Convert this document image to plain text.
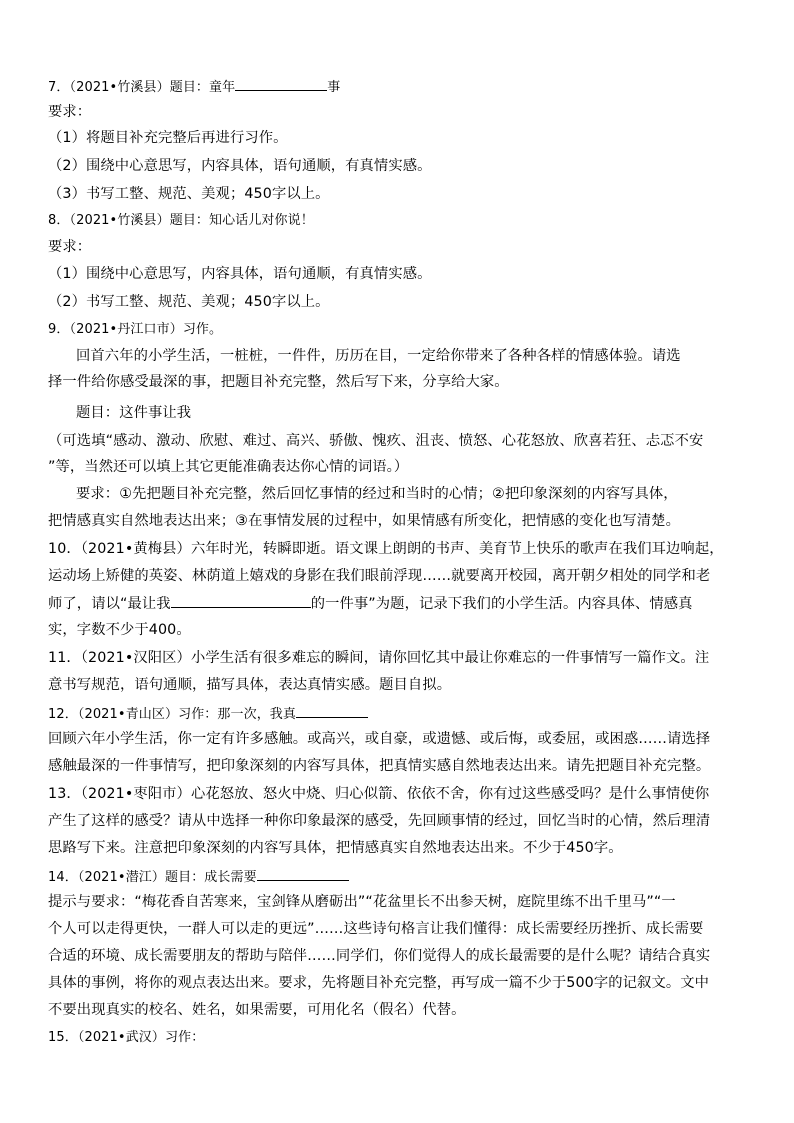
7．（2021•竹溪县）题目：童年	事
要求：
（1）将题目补充完整后再进行习作。
（2）围绕中心意思写，内容具体，语句通顺，有真情实感。
（3）书写工整、规范、美观；450字以上。
8．（2021•竹溪县）题目：知心话儿对你说！
要求：
（1）围绕中心意思写，内容具体，语句通顺，有真情实感。
（2）书写工整、规范、美观；450字以上。
9．（2021•丹江口市）习作。
回首六年的小学生活，一桩桩，一件件，历历在目，一定给你带来了各种各样的情感体验。请选
择一件给你感受最深的事，把题目补充完整，然后写下来，分享给大家。
题目：这件事让我
（可选填“感动、激动、欣慰、难过、高兴、骄傲、愧疚、沮丧、愤怒、心花怒放、欣喜若狂、忐忑不安
”等，当然还可以填上其它更能准确表达你心情的词语。）
要求：①先把题目补充完整，然后回忆事情的经过和当时的心情；②把印象深刻的内容写具体，
把情感真实自然地表达出来；③在事情发展的过程中，如果情感有所变化，把情感的变化也写清楚。
10．（2021•黄梅县）六年时光，转瞬即逝。语文课上朗朗的书声、美育节上快乐的歌声在我们耳边响起，
运动场上矫健的英姿、林荫道上嬉戏的身影在我们眼前浮现……就要离开校园，离开朝夕相处的同学和老
师了，请以“最让我	的一件事”为题，记录下我们的小学生活。内容具体、情感真
实，字数不少于400。
11．（2021•汉阳区）小学生活有很多难忘的瞬间，请你回忆其中最让你难忘的一件事情写一篇作文。注
意书写规范，语句通顺，描写具体，表达真情实感。题目自拟。
12．（2021•青山区）习作：那一次，我真
回顾六年小学生活，你一定有许多感触。或高兴，或自豪，或遗憾、或后悔，或委屈，或困惑……请选择
感触最深的一件事情写，把印象深刻的内容写具体，把真情实感自然地表达出来。请先把题目补充完整。
13．（2021•枣阳市）心花怒放、怒火中烧、归心似箭、依依不舍，你有过这些感受吗？是什么事情使你
产生了这样的感受？请从中选择一种你印象最深的感受，先回顾事情的经过，回忆当时的心情，然后理清
思路写下来。注意把印象深刻的内容写具体，把情感真实自然地表达出来。不少于450字。
14．（2021•潜江）题目：成长需要
提示与要求：“梅花香自苦寒来，宝剑锋从磨砺出”“花盆里长不出参天树，庭院里练不出千里马”“一
个人可以走得更快，一群人可以走的更远”……这些诗句格言让我们懂得：成长需要经历挫折、成长需要
合适的环境、成长需要朋友的帮助与陪伴……同学们，你们觉得人的成长最需要的是什么呢？请结合真实
具体的事例，将你的观点表达出来。要求，先将题目补充完整，再写成一篇不少于500字的记叙文。文中
不要出现真实的校名、姓名，如果需要，可用化名（假名）代替。
15．（2021•武汉）习作：
